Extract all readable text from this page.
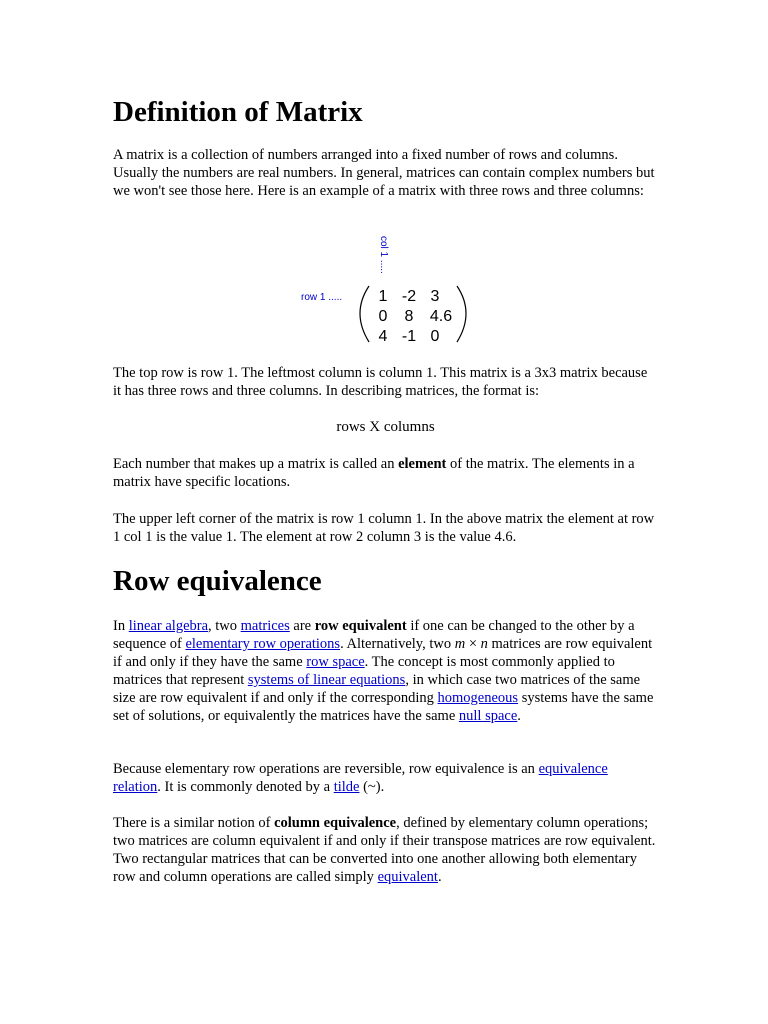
Definition of Matrix

A matrix is a collection of numbers arranged into a fixed number of rows and columns. Usually the numbers are real numbers. In general, matrices can contain complex numbers but we won't see those here. Here is an example of a matrix with three rows and three columns:

col 1 .....
row 1 ..... 1 -2 3
0 8 4.6
4 -1 0

The top row is row 1. The leftmost column is column 1. This matrix is a 3x3 matrix because it has three rows and three columns. In describing matrices, the format is:

rows X columns

Each number that makes up a matrix is called an element of the matrix. The elements in a matrix have specific locations.

The upper left corner of the matrix is row 1 column 1. In the above matrix the element at row 1 col 1 is the value 1. The element at row 2 column 3 is the value 4.6.

Row equivalence

In linear algebra, two matrices are row equivalent if one can be changed to the other by a sequence of elementary row operations. Alternatively, two m × n matrices are row equivalent if and only if they have the same row space. The concept is most commonly applied to matrices that represent systems of linear equations, in which case two matrices of the same size are row equivalent if and only if the corresponding homogeneous systems have the same set of solutions, or equivalently the matrices have the same null space.

Because elementary row operations are reversible, row equivalence is an equivalence relation. It is commonly denoted by a tilde (~).

There is a similar notion of column equivalence, defined by elementary column operations; two matrices are column equivalent if and only if their transpose matrices are row equivalent. Two rectangular matrices that can be converted into one another allowing both elementary row and column operations are called simply equivalent.
